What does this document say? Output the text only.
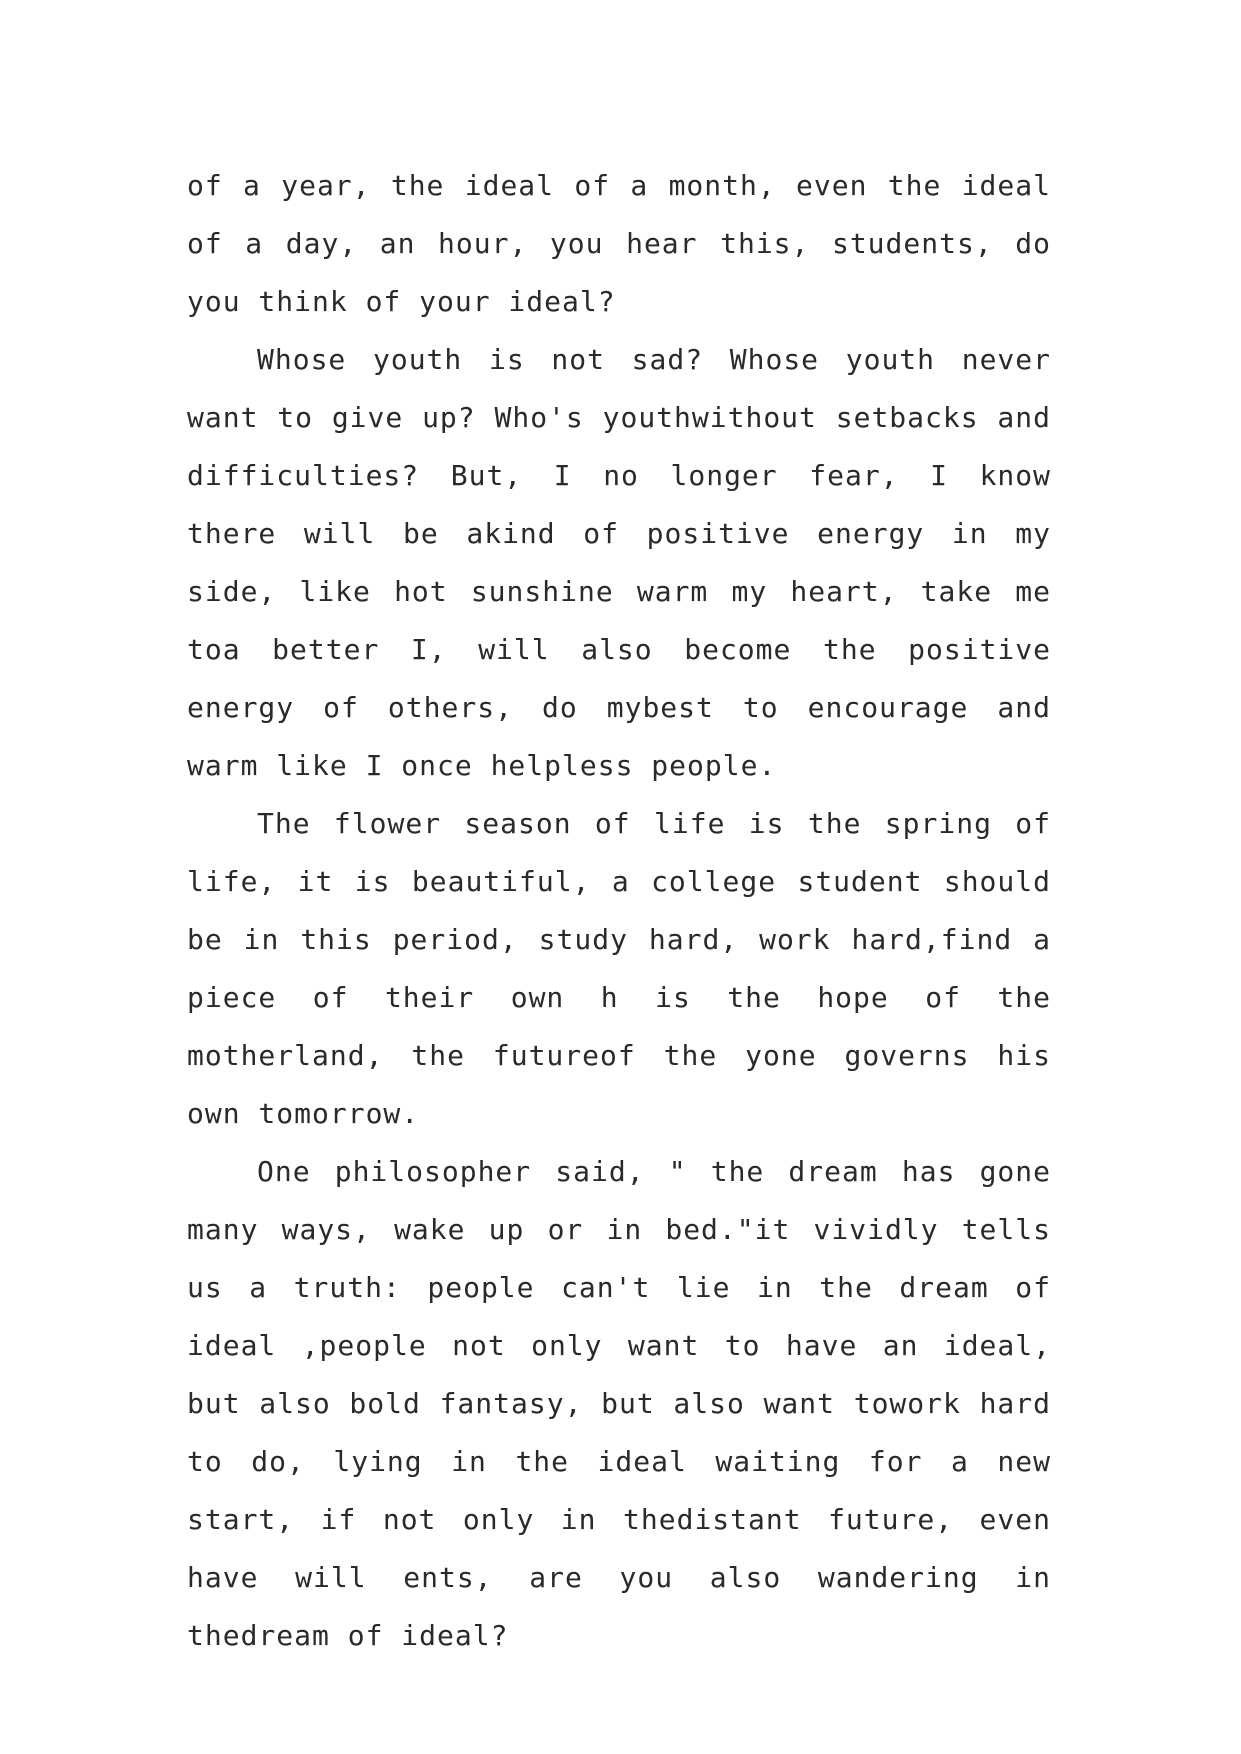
of a year, the ideal of a month, even the ideal of a day, an hour, you hear this, students, do you think of your ideal?

Whose youth is not sad? Whose youth never want to give up? Who's youthwithout setbacks and difficulties? But, I no longer fear, I know there will be akind of positive energy in my side, like hot sunshine warm my heart, take me toa better I, will also become the positive energy of others, do mybest to encourage and warm like I once helpless people.

The flower season of life is the spring of life, it is beautiful, a college student should be in this period, study hard, work hard,find a piece of their own h is the hope of the motherland, the futureof the yone governs his own tomorrow.

One philosopher said, " the dream has gone many ways, wake up or in bed."it vividly tells us a truth: people can't lie in the dream of ideal ,people not only want to have an ideal, but also bold fantasy, but also want towork hard to do, lying in the ideal waiting for a new start, if not only in thedistant future, even have will ents, are you also wandering in thedream of ideal?
